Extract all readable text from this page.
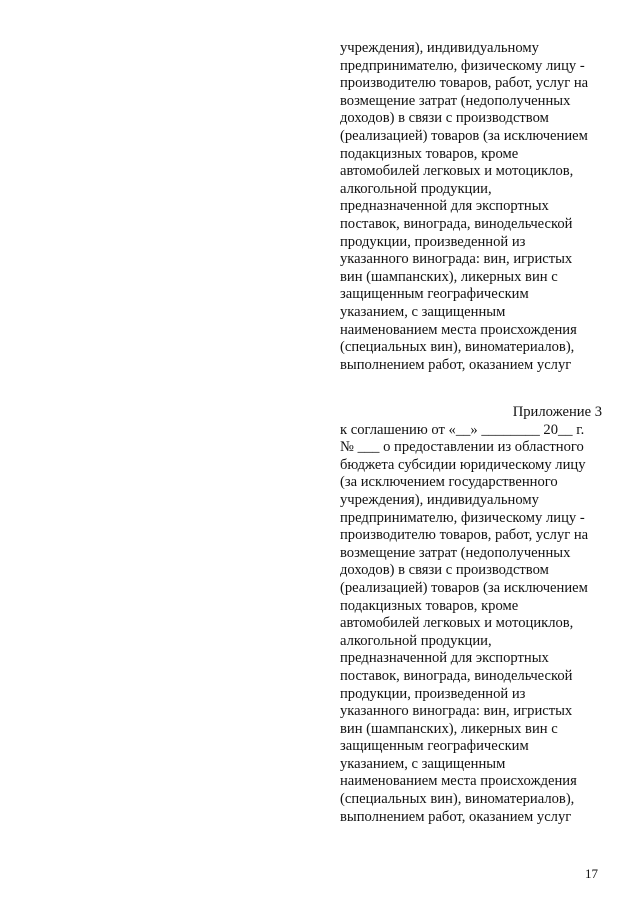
учреждения), индивидуальному
предпринимателю, физическому лицу -
производителю товаров, работ, услуг на
возмещение затрат (недополученных
доходов) в связи с производством
(реализацией) товаров (за исключением
подакцизных товаров, кроме
автомобилей легковых и мотоциклов,
алкогольной продукции,
предназначенной для экспортных
поставок, винограда, винодельческой
продукции, произведенной из
указанного винограда: вин, игристых
вин (шампанских), ликерных вин с
защищенным географическим
указанием, с защищенным
наименованием места происхождения
(специальных вин), виноматериалов),
выполнением работ, оказанием услуг
Приложение 3
к соглашению от «__» ________ 20__ г.
№ ___ о предоставлении из областного
бюджета субсидии юридическому лицу
(за исключением государственного
учреждения), индивидуальному
предпринимателю, физическому лицу -
производителю товаров, работ, услуг на
возмещение затрат (недополученных
доходов) в связи с производством
(реализацией) товаров (за исключением
подакцизных товаров, кроме
автомобилей легковых и мотоциклов,
алкогольной продукции,
предназначенной для экспортных
поставок, винограда, винодельческой
продукции, произведенной из
указанного винограда: вин, игристых
вин (шампанских), ликерных вин с
защищенным географическим
указанием, с защищенным
наименованием места происхождения
(специальных вин), виноматериалов),
выполнением работ, оказанием услуг
17
